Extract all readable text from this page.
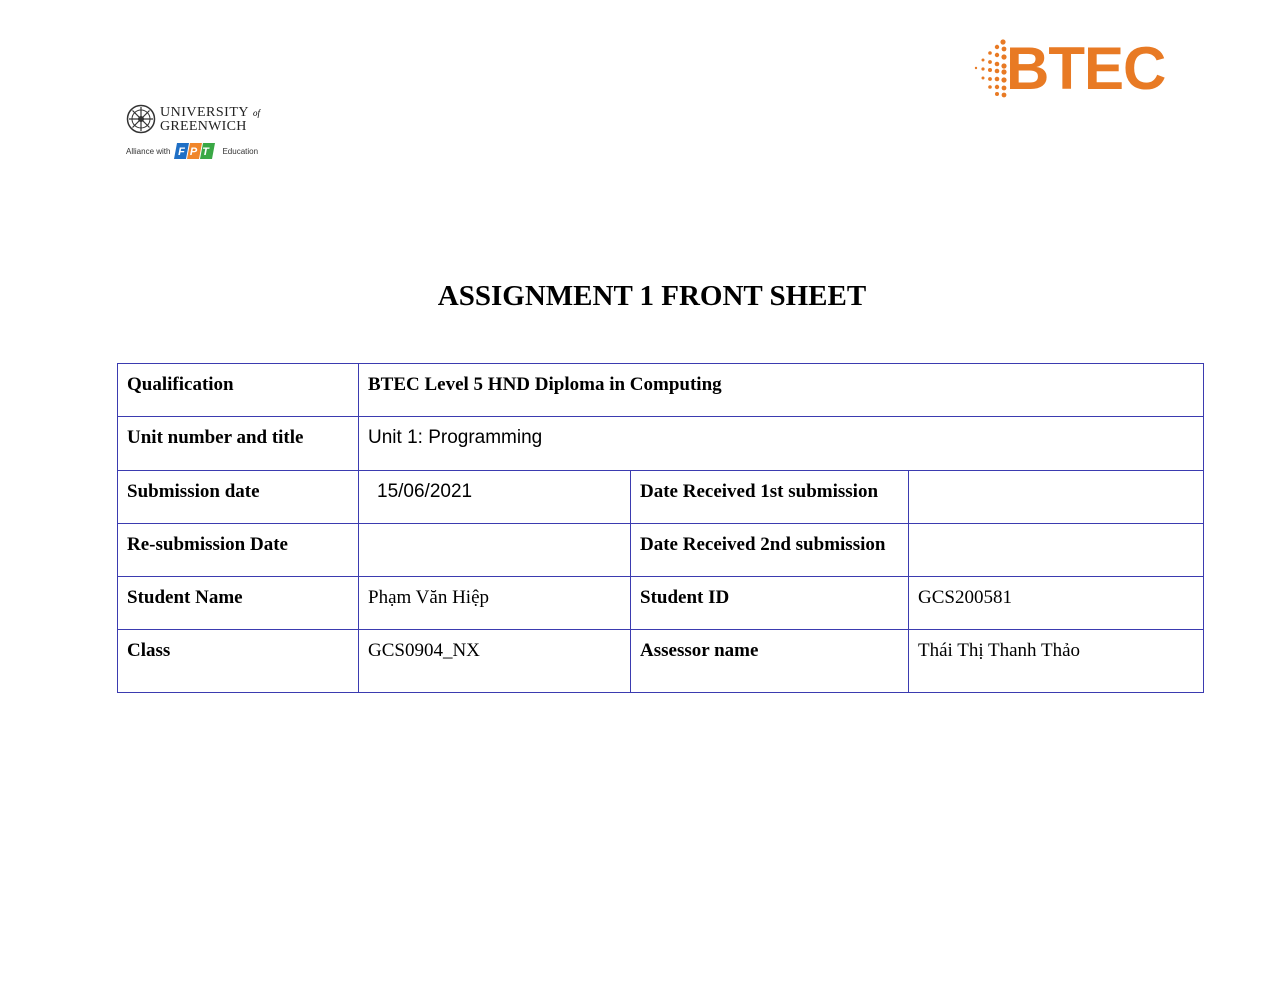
UNIVERSITY of
GREENWICH
Alliance with FPT Education
BTEC
ASSIGNMENT 1 FRONT SHEET
Qualification	BTEC Level 5 HND Diploma in Computing		
Unit number and title	Unit 1: Programming		
Submission date	15/06/2021	Date Received 1st submission	
Re-submission Date		Date Received 2nd submission	
Student Name	Phạm Văn Hiệp	Student ID	GCS200581
Class	GCS0904_NX	Assessor name	Thái Thị Thanh Thảo
